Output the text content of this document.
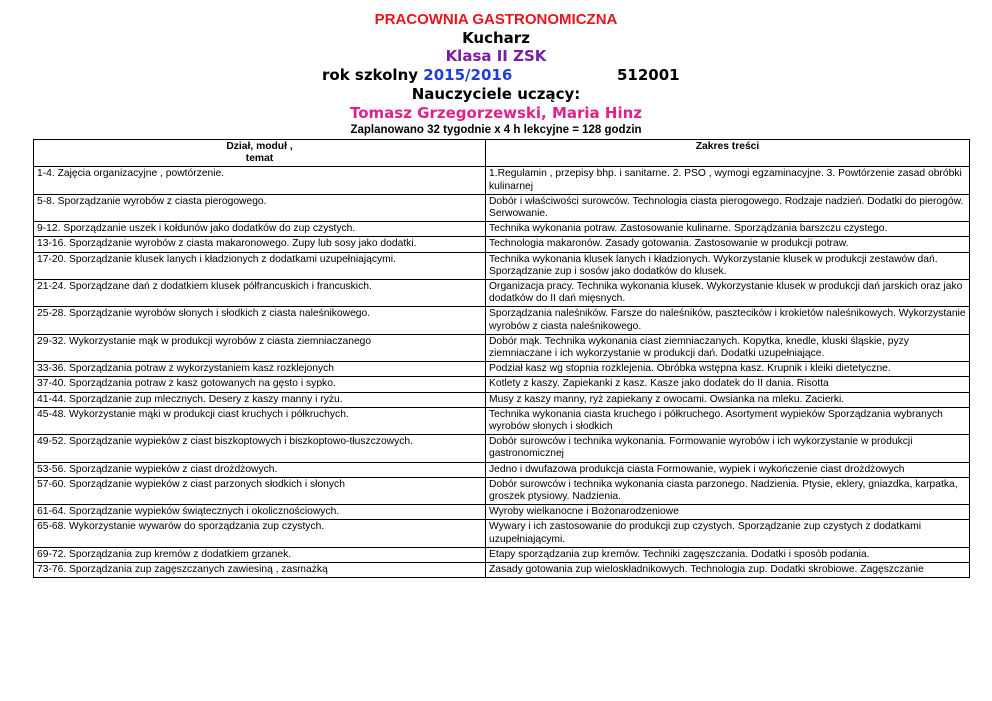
PRACOWNIA GASTRONOMICZNA
Kucharz
Klasa II ZSK
rok szkolny 2015/2016	512001
Nauczyciele uczący:
Tomasz Grzegorzewski, Maria Hinz
Zaplanowano 32 tygodnie x 4 h lekcyjne = 128 godzin
Dział, moduł ,
temat	Zakres treści
1-4. Zajęcia organizacyjne , powtórzenie.	1.Regulamin , przepisy bhp. i sanitarne. 2. PSO , wymogi egzaminacyjne. 3. Powtórzenie zasad obróbki kulinarnej
5-8. Sporządzanie wyrobów z ciasta pierogowego.	Dobór i właściwości surowców. Technologia ciasta pierogowego. Rodzaje nadzień. Dodatki do pierogów. Serwowanie.
9-12. Sporządzanie uszek i kołdunów jako dodatków do zup czystych.	Technika wykonania potraw. Zastosowanie kulinarne. Sporządzania barszczu czystego.
13-16. Sporządzanie wyrobów z ciasta makaronowego. Zupy lub sosy jako dodatki.	Technologia makaronów. Zasady gotowania. Zastosowanie w produkcji potraw.
17-20. Sporządzanie klusek lanych i kładzionych z dodatkami uzupełniającymi.	Technika wykonania klusek lanych i kładzionych. Wykorzystanie klusek w produkcji zestawów dań. Sporządzanie zup i sosów jako dodatków do klusek.
21-24. Sporządzane dań z dodatkiem klusek półfrancuskich i francuskich.	Organizacja pracy. Technika wykonania klusek. Wykorzystanie klusek w produkcji dań jarskich oraz jako dodatków do II dań mięsnych.
25-28. Sporządzanie wyrobów słonych i słodkich z ciasta naleśnikowego.	Sporządzania naleśników. Farsze do naleśników, pasztecików i krokietów naleśnikowych. Wykorzystanie wyrobów z ciasta naleśnikowego.
29-32. Wykorzystanie mąk w produkcji wyrobów z ciasta ziemniaczanego	Dobór mąk. Technika wykonania ciast ziemniaczanych. Kopytka, knedle, kluski śląskie, pyzy ziemniaczane i ich wykorzystanie w produkcji dań. Dodatki uzupełniające.
33-36. Sporządzania potraw z wykorzystaniem kasz rozklejonych	Podział kasz wg stopnia rozklejenia. Obróbka wstępna kasz. Krupnik i kleiki dietetyczne.
37-40. Sporządzania potraw z kasz gotowanych na gęsto i sypko.	Kotlety z kaszy. Zapiekanki z kasz. Kasze jako dodatek do II dania. Risotta
41-44. Sporządzanie zup mlecznych. Desery z kaszy manny i ryżu.	Musy z kaszy manny, ryż zapiekany z owocami. Owsianka na mleku. Zacierki.
45-48. Wykorzystanie mąki w produkcji ciast kruchych i półkruchych.	Technika wykonania ciasta kruchego i półkruchego. Asortyment wypieków Sporządzania wybranych wyrobów słonych i słodkich
49-52. Sporządzanie wypieków z ciast biszkoptowych i biszkoptowo-tłuszczowych.	Dobór surowców i technika wykonania. Formowanie wyrobów i ich wykorzystanie w produkcji gastronomicznej
53-56. Sporządzanie wypieków z ciast drożdżowych.	Jedno i dwufazowa produkcja ciasta Formowanie, wypiek i wykończenie ciast drożdżowych
57-60. Sporządzanie wypieków z ciast parzonych słodkich i słonych	Dobór surowców i technika wykonania ciasta parzonego. Nadzienia. Ptysie, eklery, gniazdka, karpatka, groszek ptysiowy. Nadzienia.
61-64. Sporządzanie wypieków świątecznych i okolicznościowych.	Wyroby wielkanocne i Bożonarodzeniowe
65-68. Wykorzystanie wywarów do sporządzania zup czystych.	Wywary i ich zastosowanie do produkcji zup czystych. Sporządzanie zup czystych z dodatkami uzupełniającymi.
69-72. Sporządzania zup kremów z dodatkiem grzanek.	Etapy sporządzania zup kremów. Techniki zagęszczania. Dodatki i sposób podania.
73-76. Sporządzania zup zagęszczanych zawiesiną , zasmażką	Zasady gotowania zup wieloskładnikowych. Technologia zup. Dodatki skrobiowe. Zagęszczanie
